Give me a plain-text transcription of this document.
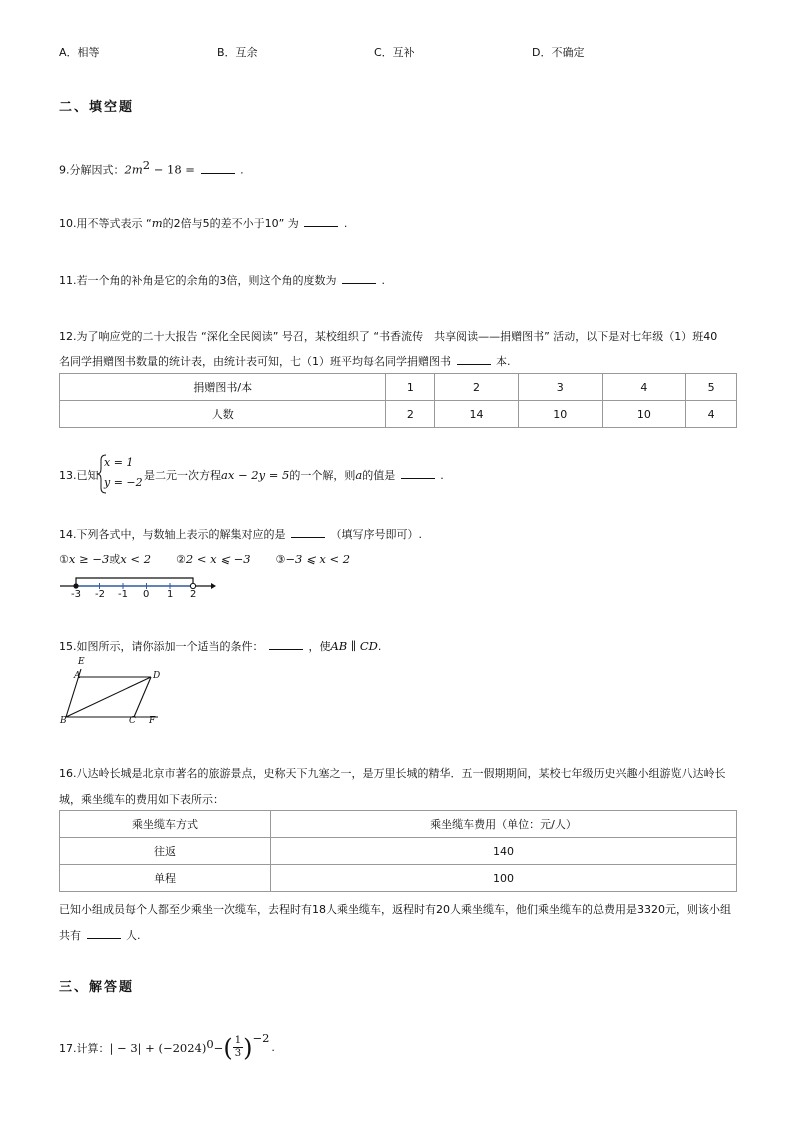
A．相等	B．互余	C．互补	D．不确定
二、填空题
9.分解因式：$2m^2 - 18$ =	.
10.用不等式表示 “m的2倍与5的差不小于10” 为	.
11.若一个角的补角是它的余角的3倍，则这个角的度数为	.
12.为了响应党的二十大报告 “深化全民阅读” 号召，某校组织了 “书香流传　共享阅读——捐赠图书” 活动，以下是对七年级（1）班40
名同学捐赠图书数量的统计表，由统计表可知，七（1）班平均每名同学捐赠图书	本.
捐赠图书/本	1	2	3	4	5
人数	2	14	10	10	4
13.已知
x = 1
y = −2
是二元一次方程ax − 2y = 5的一个解，则a的值是	.
14.下列各式中，与数轴上表示的解集对应的是	（填写序号即可）.
①x ≥ −3或x < 2 ②2 < x ⩽ −3 ③−3 ⩽ x < 2
-3 -2 -1 0 1 2
15.如图所示，请你添加一个适当的条件：	，使AB ∥ CD.
E
A	D
B	C F
16.八达岭长城是北京市著名的旅游景点，史称天下九塞之一，是万里长城的精华．五一假期期间，某校七年级历史兴趣小组游览八达岭长
城，乘坐缆车的费用如下表所示：
乘坐缆车方式	乘坐缆车费用（单位：元/人）
往返	140
单程	100
已知小组成员每个人都至少乘坐一次缆车，去程时有18人乘坐缆车，返程时有20人乘坐缆车，他们乘坐缆车的总费用是3320元，则该小组
共有	人.
三、解答题
17.计算： | − 3| + (−2024) 0 − ( $\frac{1}{3}$ ) −2
.
